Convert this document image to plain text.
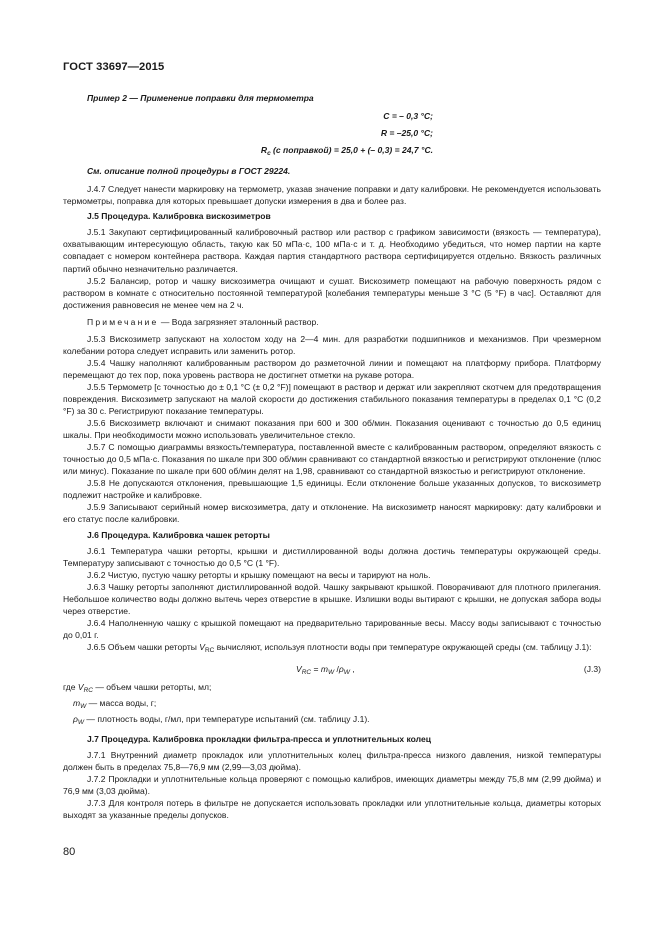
ГОСТ 33697—2015

Пример 2 — Применение поправки для термометра

C = – 0,3 °С;

R = –25,0 °С;

$R_c$ (с поправкой) = 25,0 + (– 0,3) = 24,7 °С.

См. описание полной процедуры в ГОСТ 29224.

J.4.7 Следует нанести маркировку на термометр, указав значение поправки и дату калибровки. Не рекомендуется использовать термометры, поправка для которых превышает допуски измерения в два и более раз.

J.5 Процедура. Калибровка вискозиметров

J.5.1 Закупают сертифицированный калибровочный раствор или раствор с графиком зависимости (вязкость — температура), охватывающим интересующую область, такую как 50 мПа·с, 100 мПа·с и т. д. Необходимо убедиться, что номер партии на карте совпадает с номером контейнера раствора. Каждая партия стандартного раствора сертифицируется отдельно. Вязкость различных партий обычно незначительно различается.

J.5.2 Балансир, ротор и чашку вискозиметра очищают и сушат. Вискозиметр помещают на рабочую поверхность рядом с раствором в комнате с относительно постоянной температурой [колебания температуры меньше 3 °С (5 °F) в час]. Оставляют для достижения равновесия не менее чем на 2 ч.

Примечание — Вода загрязняет эталонный раствор.

J.5.3 Вискозиметр запускают на холостом ходу на 2—4 мин. для разработки подшипников и механизмов. При чрезмерном колебании ротора следует исправить или заменить ротор.

J.5.4 Чашку наполняют калиброванным раствором до разметочной линии и помещают на платформу прибора. Платформу перемещают до тех пор, пока уровень раствора не достигнет отметки на рукаве ротора.

J.5.5 Термометр [с точностью до ± 0,1 °С (± 0,2 °F)] помещают в раствор и держат или закрепляют скотчем для предотвращения повреждения. Вискозиметр запускают на малой скорости до достижения стабильного показания температуры в пределах 0,1 °С (0,2 °F) за 30 с. Регистрируют показание температуры.

J.5.6 Вискозиметр включают и снимают показания при 600 и 300 об/мин. Показания оценивают с точностью до 0,5 единиц шкалы. При необходимости можно использовать увеличительное стекло.

J.5.7 С помощью диаграммы вязкость/температура, поставленной вместе с калиброванным раствором, определяют вязкость с точностью до 0,5 мПа·с. Показания по шкале при 300 об/мин сравнивают со стандартной вязкостью и регистрируют отклонение (плюс или минус). Показание по шкале при 600 об/мин делят на 1,98, сравнивают со стандартной вязкостью и регистрируют отклонение.

J.5.8 Не допускаются отклонения, превышающие 1,5 единицы. Если отклонение больше указанных допусков, то вискозиметр подлежит настройке и калибровке.

J.5.9 Записывают серийный номер вискозиметра, дату и отклонение. На вискозиметр наносят маркировку: дату калибровки и его статус после калибровки.

J.6 Процедура. Калибровка чашек реторты

J.6.1 Температура чашки реторты, крышки и дистиллированной воды должна достичь температуры окружающей среды. Температуру записывают с точностью до 0,5 °С (1 °F).

J.6.2 Чистую, пустую чашку реторты и крышку помещают на весы и тарируют на ноль.

J.6.3 Чашку реторты заполняют дистиллированной водой. Чашку закрывают крышкой. Поворачивают для плотного прилегания. Небольшое количество воды должно вытечь через отверстие в крышке. Излишки воды вытирают с крышки, не допуская забора воды через отверстие.

J.6.4 Наполненную чашку с крышкой помещают на предварительно тарированные весы. Массу воды записывают с точностью до 0,01 г.

J.6.5 Объем чашки реторты $V_{RC}$ вычисляют, используя плотности воды при температуре окружающей среды (см. таблицу J.1):

$V_{RC} = m_W$ $/\rho_W$ ,	(J.3)

где $V_{RC}$ — объем чашки реторты, мл;

$m_W$ — масса воды, г;

$\rho_W$ — плотность воды, г/мл, при температуре испытаний (см. таблицу J.1).

J.7 Процедура. Калибровка прокладки фильтра-пресса и уплотнительных колец

J.7.1 Внутренний диаметр прокладок или уплотнительных колец фильтра-пресса низкого давления, низкой температуры должен быть в пределах 75,8—76,9 мм (2,99—3,03 дюйма).

J.7.2 Прокладки и уплотнительные кольца проверяют с помощью калибров, имеющих диаметры между 75,8 мм (2,99 дюйма) и 76,9 мм (3,03 дюйма).

J.7.3 Для контроля потерь в фильтре не допускается использовать прокладки или уплотнительные кольца, диаметры которых выходят за указанные пределы допусков.

80
